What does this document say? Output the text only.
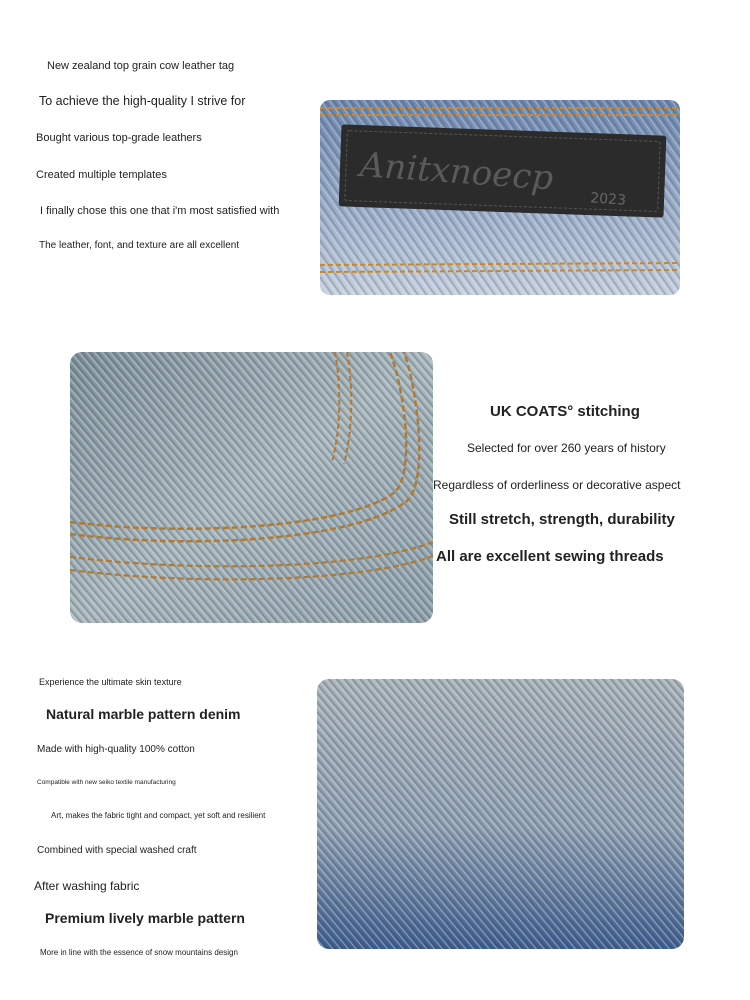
New zealand top grain cow leather tag
To achieve the high-quality I strive for
Bought various top-grade leathers
Created multiple templates
I finally chose this one that i'm most satisfied with
The leather, font, and texture are all excellent
Anitxnoecp
2023
UK COATS° stitching
Selected for over 260 years of history
Regardless of orderliness or decorative aspect
Still stretch, strength, durability
All are excellent sewing threads
Experience the ultimate skin texture
Natural marble pattern denim
Made with high-quality 100% cotton
Compatible with new seiko textile manufacturing
Art, makes the fabric tight and compact, yet soft and resilient
Combined with special washed craft
After washing fabric
Premium lively marble pattern
More in line with the essence of snow mountains design
